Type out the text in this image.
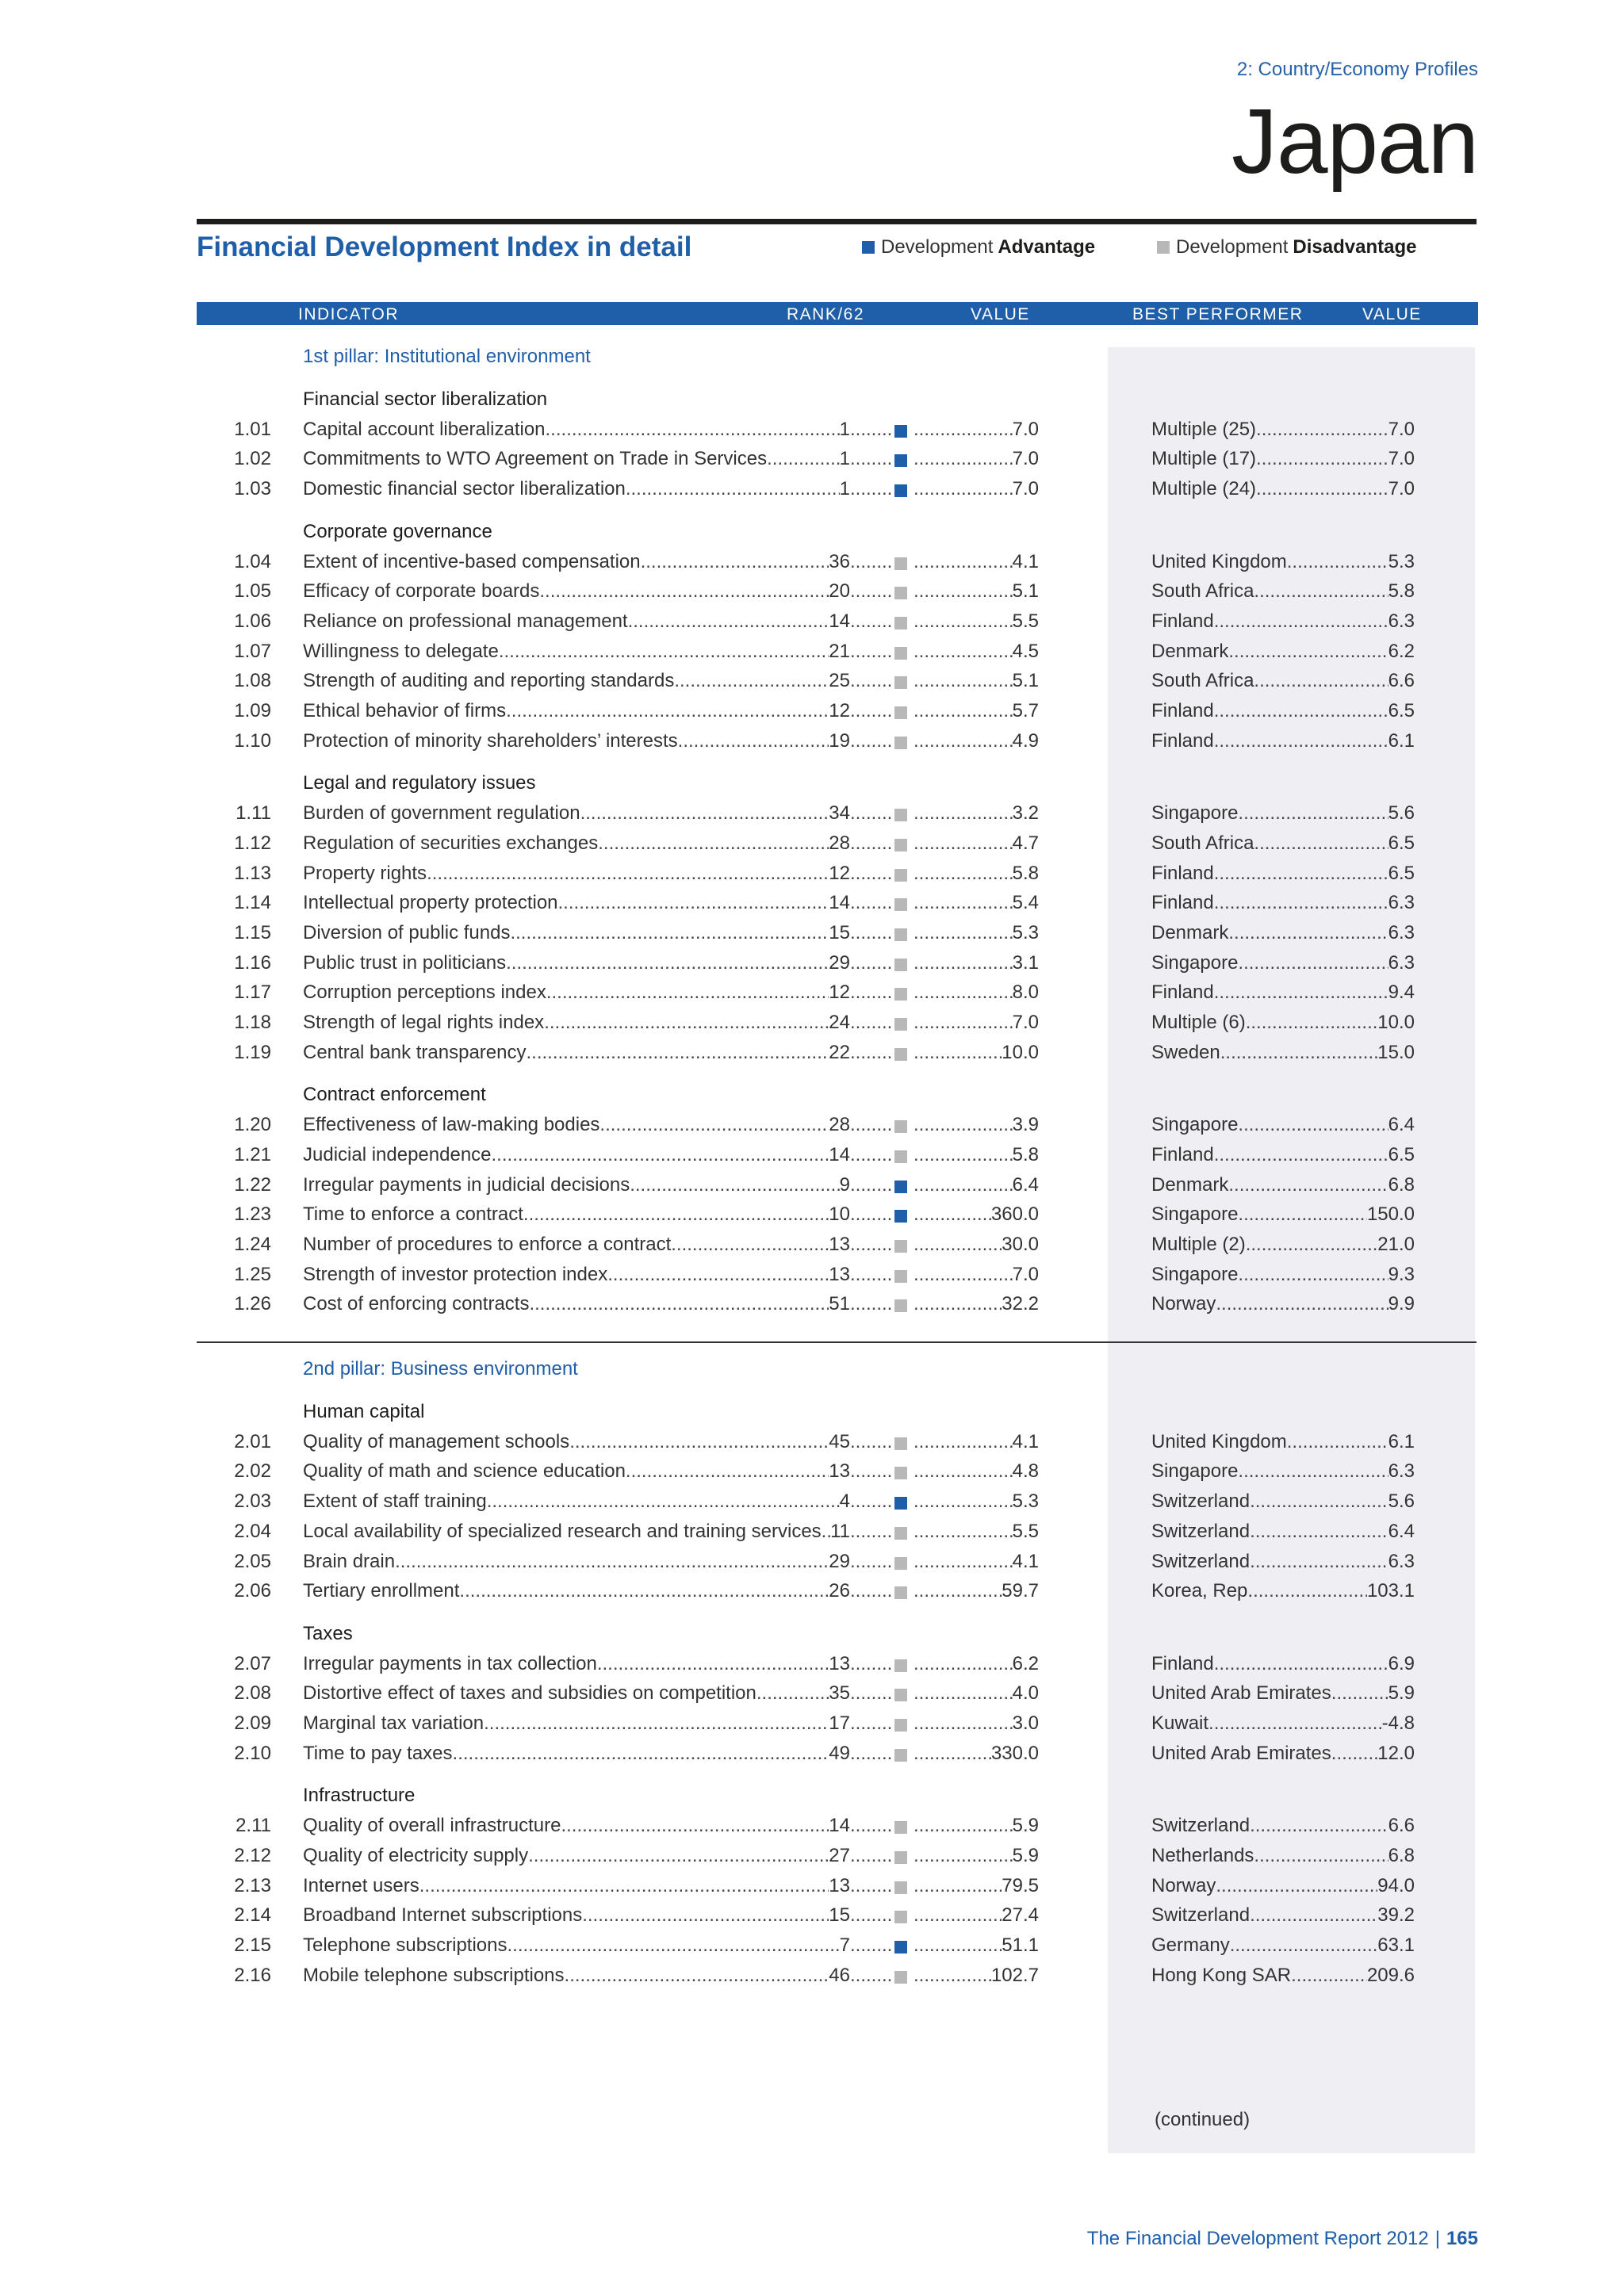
2: Country/Economy Profiles
Japan
Financial Development Index in detail	Development Advantage	Development Disadvantage
INDICATOR	RANK/62	VALUE	BEST PERFORMER	VALUE
1st pillar: Institutional environment
Financial sector liberalization
1.01 Capital account liberalization .....	1 ..... .....	7.0	Multiple (25) .....	7.0
1.02 Commitments to WTO Agreement on Trade in Services .....	1 ..... .....	7.0	Multiple (17) .....	7.0
1.03 Domestic financial sector liberalization .....	1 ..... .....	7.0	Multiple (24) .....	7.0
Corporate governance
1.04 Extent of incentive-based compensation .....	36 ..... .....	4.1	United Kingdom .....	5.3
1.05 Efficacy of corporate boards .....	20 ..... .....	5.1	South Africa .....	5.8
1.06 Reliance on professional management .....	14 ..... .....	5.5	Finland .....	6.3
1.07 Willingness to delegate .....	21 ..... .....	4.5	Denmark .....	6.2
1.08 Strength of auditing and reporting standards .....	25 ..... .....	5.1	South Africa .....	6.6
1.09 Ethical behavior of firms .....	12 ..... .....	5.7	Finland .....	6.5
1.10 Protection of minority shareholders’ interests .....	19 ..... .....	4.9	Finland .....	6.1
Legal and regulatory issues
1.11 Burden of government regulation .....	34 ..... .....	3.2	Singapore .....	5.6
1.12 Regulation of securities exchanges .....	28 ..... .....	4.7	South Africa .....	6.5
1.13 Property rights .....	12 ..... .....	5.8	Finland .....	6.5
1.14 Intellectual property protection .....	14 ..... .....	5.4	Finland .....	6.3
1.15 Diversion of public funds .....	15 ..... .....	5.3	Denmark .....	6.3
1.16 Public trust in politicians .....	29 ..... .....	3.1	Singapore .....	6.3
1.17 Corruption perceptions index .....	12 ..... .....	8.0	Finland .....	9.4
1.18 Strength of legal rights index .....	24 ..... .....	7.0	Multiple (6) .....	10.0
1.19 Central bank transparency .....	22 ..... .....	10.0	Sweden .....	15.0
Contract enforcement
1.20 Effectiveness of law-making bodies .....	28 ..... .....	3.9	Singapore .....	6.4
1.21 Judicial independence .....	14 ..... .....	5.8	Finland .....	6.5
1.22 Irregular payments in judicial decisions .....	9 ..... .....	6.4	Denmark .....	6.8
1.23 Time to enforce a contract .....	10 ..... .....	360.0	Singapore .....	150.0
1.24 Number of procedures to enforce a contract .....	13 ..... .....	30.0	Multiple (2) .....	21.0
1.25 Strength of investor protection index .....	13 ..... .....	7.0	Singapore .....	9.3
1.26 Cost of enforcing contracts .....	51 ..... .....	32.2	Norway .....	9.9
2nd pillar: Business environment
Human capital
2.01 Quality of management schools .....	45 ..... .....	4.1	United Kingdom .....	6.1
2.02 Quality of math and science education .....	13 ..... .....	4.8	Singapore .....	6.3
2.03 Extent of staff training .....	4 ..... .....	5.3	Switzerland .....	5.6
2.04 Local availability of specialized research and training services ..... 11 ..... .....	5.5	Switzerland .....	6.4
2.05 Brain drain .....	29 ..... .....	4.1	Switzerland .....	6.3
2.06 Tertiary enrollment .....	26 ..... .....	59.7	Korea, Rep. .....	103.1
Taxes
2.07 Irregular payments in tax collection .....	13 ..... .....	6.2	Finland .....	6.9
2.08 Distortive effect of taxes and subsidies on competition .....	35 ..... .....	4.0	United Arab Emirates .....	5.9
2.09 Marginal tax variation .....	17 ..... .....	3.0	Kuwait .....	-4.8
2.10 Time to pay taxes .....	49 ..... .....	330.0	United Arab Emirates ..... 12.0
Infrastructure
2.11 Quality of overall infrastructure .....	14 ..... .....	5.9	Switzerland .....	6.6
2.12 Quality of electricity supply .....	27 ..... .....	5.9	Netherlands .....	6.8
2.13 Internet users .....	13 ..... .....	79.5	Norway .....	94.0
2.14 Broadband Internet subscriptions .....	15 ..... .....	27.4	Switzerland .....	39.2
2.15 Telephone subscriptions .....	7 ..... .....	51.1	Germany .....	63.1
2.16 Mobile telephone subscriptions .....	46 ..... .....	102.7	Hong Kong SAR .....	209.6
(continued)
The Financial Development Report 2012 | 165
